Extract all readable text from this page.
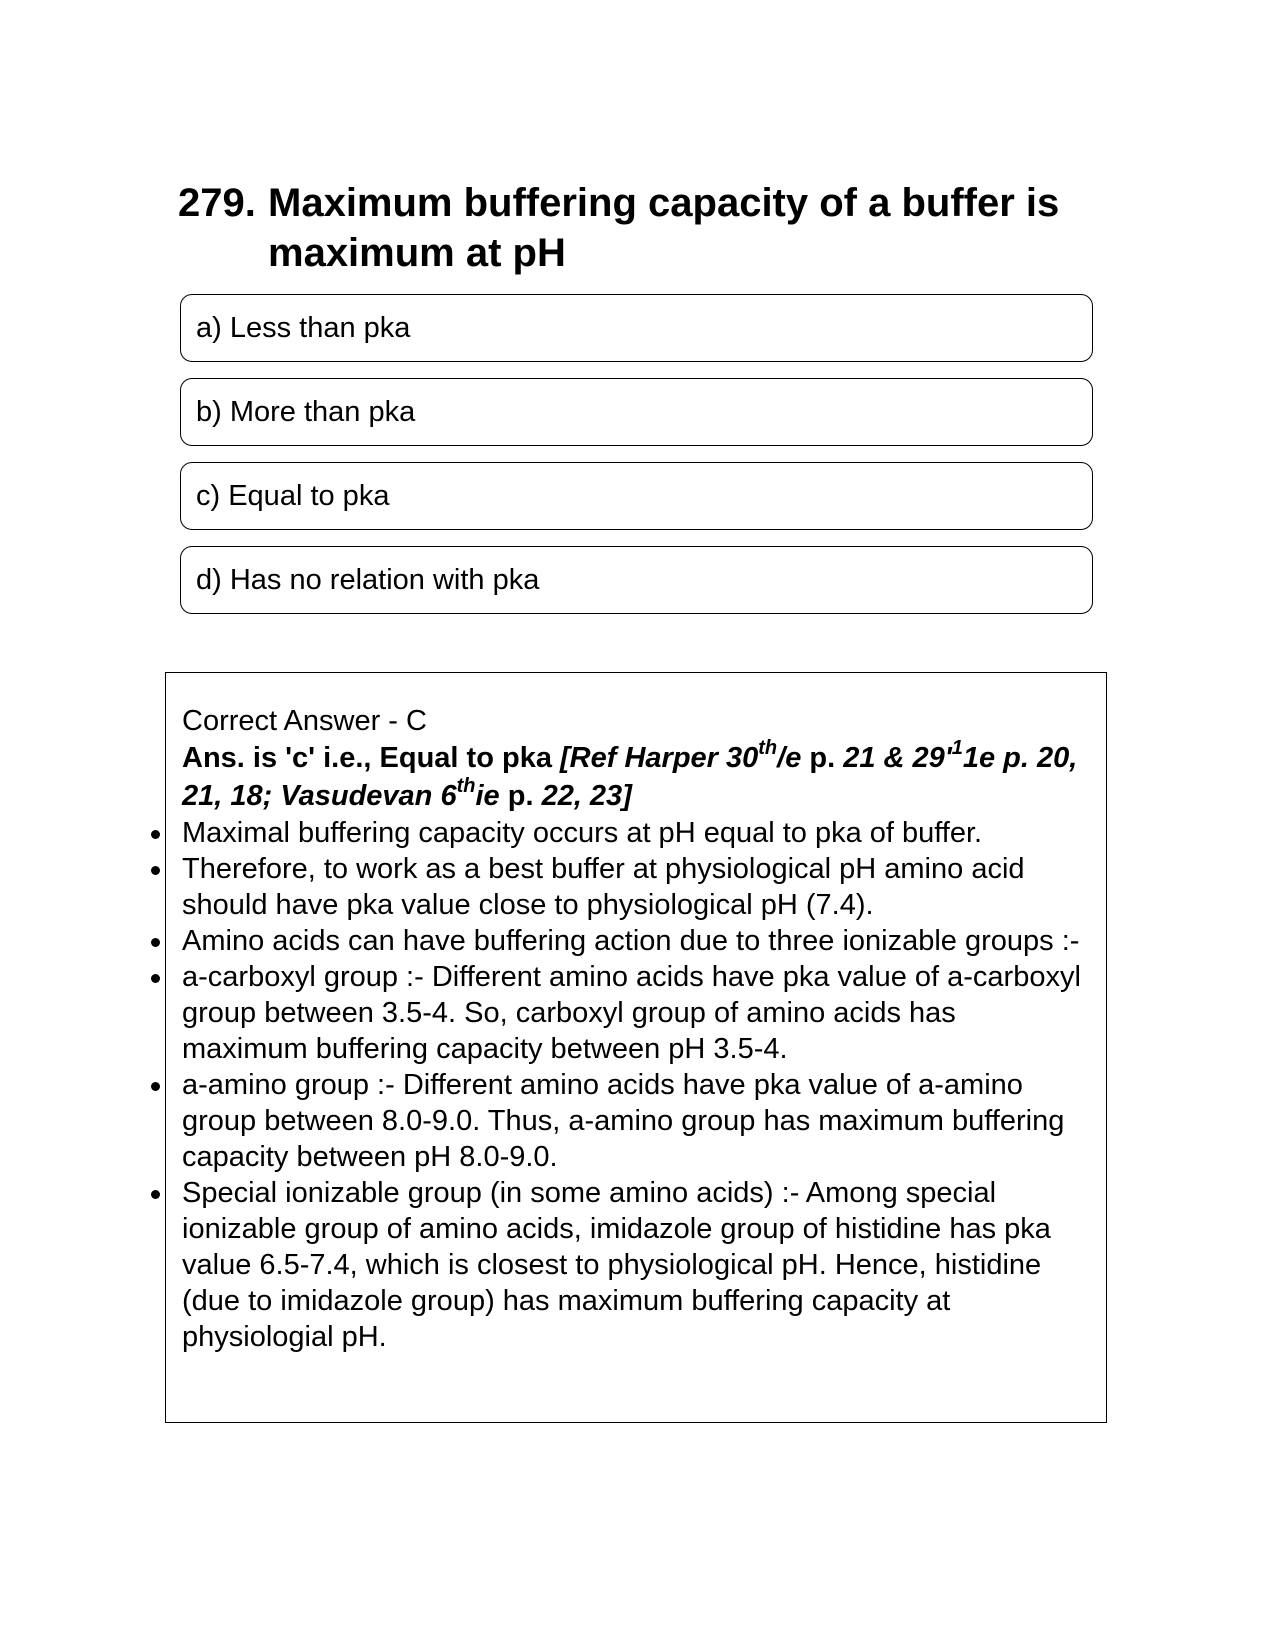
279. Maximum buffering capacity of a buffer is maximum at pH
a) Less than pka
b) More than pka
c) Equal to pka
d) Has no relation with pka

Correct Answer - C

Ans. is 'c' i.e., Equal to pka [Ref Harper 30th/e p. 21 & $29'^11e$ p. 20, 21, 18; Vasudevan 6thie p. 22, 23]

Maximal buffering capacity occurs at pH equal to pka of buffer.
Therefore, to work as a best buffer at physiological pH amino acid should have pka value close to physiological pH (7.4).
Amino acids can have buffering action due to three ionizable groups :-
a-carboxyl group :- Different amino acids have pka value of a-carboxyl group between 3.5-4. So, carboxyl group of amino acids has maximum buffering capacity between pH 3.5-4.
a-amino group :- Different amino acids have pka value of a-amino group between 8.0-9.0. Thus, a-amino group has maximum buffering capacity between pH 8.0-9.0.
Special ionizable group (in some amino acids) :- Among special ionizable group of amino acids, imidazole group of histidine has pka value 6.5-7.4, which is closest to physiological pH. Hence, histidine (due to imidazole group) has maximum buffering capacity at physiologial pH.
